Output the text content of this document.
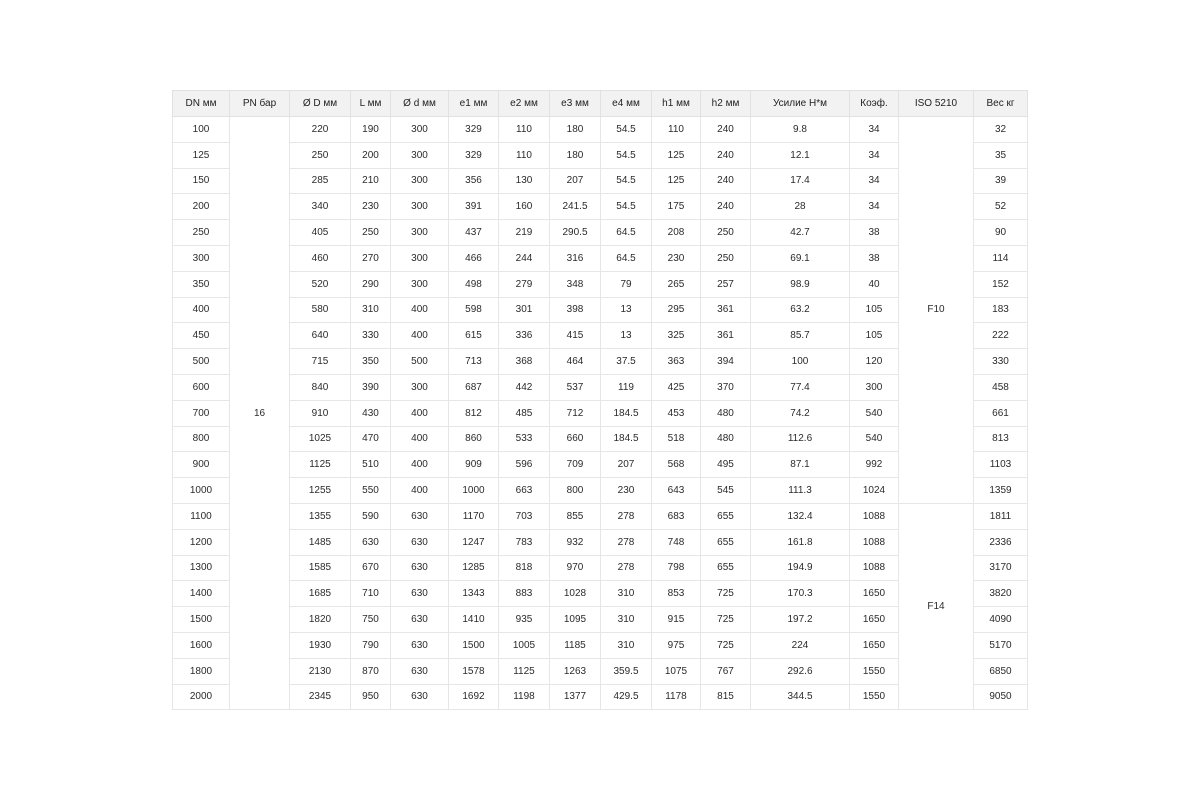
DN мм	PN бар	Ø D мм	L мм	Ø d мм	e1 мм	e2 мм	e3 мм	e4 мм	h1 мм	h2 мм	Усилие Н*м	Коэф.	ISO 5210	Вес кг
100	16	220	190	300	329	110	180	54.5	110	240	9.8	34	F10	32
125		250	200	300	329	110	180	54.5	125	240	12.1	34		35
150		285	210	300	356	130	207	54.5	125	240	17.4	34		39
200		340	230	300	391	160	241.5	54.5	175	240	28	34		52
250		405	250	300	437	219	290.5	64.5	208	250	42.7	38		90
300		460	270	300	466	244	316	64.5	230	250	69.1	38		114
350		520	290	300	498	279	348	79	265	257	98.9	40		152
400		580	310	400	598	301	398	13	295	361	63.2	105		183
450		640	330	400	615	336	415	13	325	361	85.7	105		222
500		715	350	500	713	368	464	37.5	363	394	100	120		330
600		840	390	300	687	442	537	119	425	370	77.4	300		458
700		910	430	400	812	485	712	184.5	453	480	74.2	540		661
800		1025	470	400	860	533	660	184.5	518	480	112.6	540		813
900		1125	510	400	909	596	709	207	568	495	87.1	992		1103
1000		1255	550	400	1000	663	800	230	643	545	111.3	1024		1359
1100		1355	590	630	1170	703	855	278	683	655	132.4	1088	F14	1811
1200		1485	630	630	1247	783	932	278	748	655	161.8	1088		2336
1300		1585	670	630	1285	818	970	278	798	655	194.9	1088		3170
1400		1685	710	630	1343	883	1028	310	853	725	170.3	1650		3820
1500		1820	750	630	1410	935	1095	310	915	725	197.2	1650		4090
1600		1930	790	630	1500	1005	1185	310	975	725	224	1650		5170
1800		2130	870	630	1578	1125	1263	359.5	1075	767	292.6	1550		6850
2000		2345	950	630	1692	1198	1377	429.5	1178	815	344.5	1550		9050
